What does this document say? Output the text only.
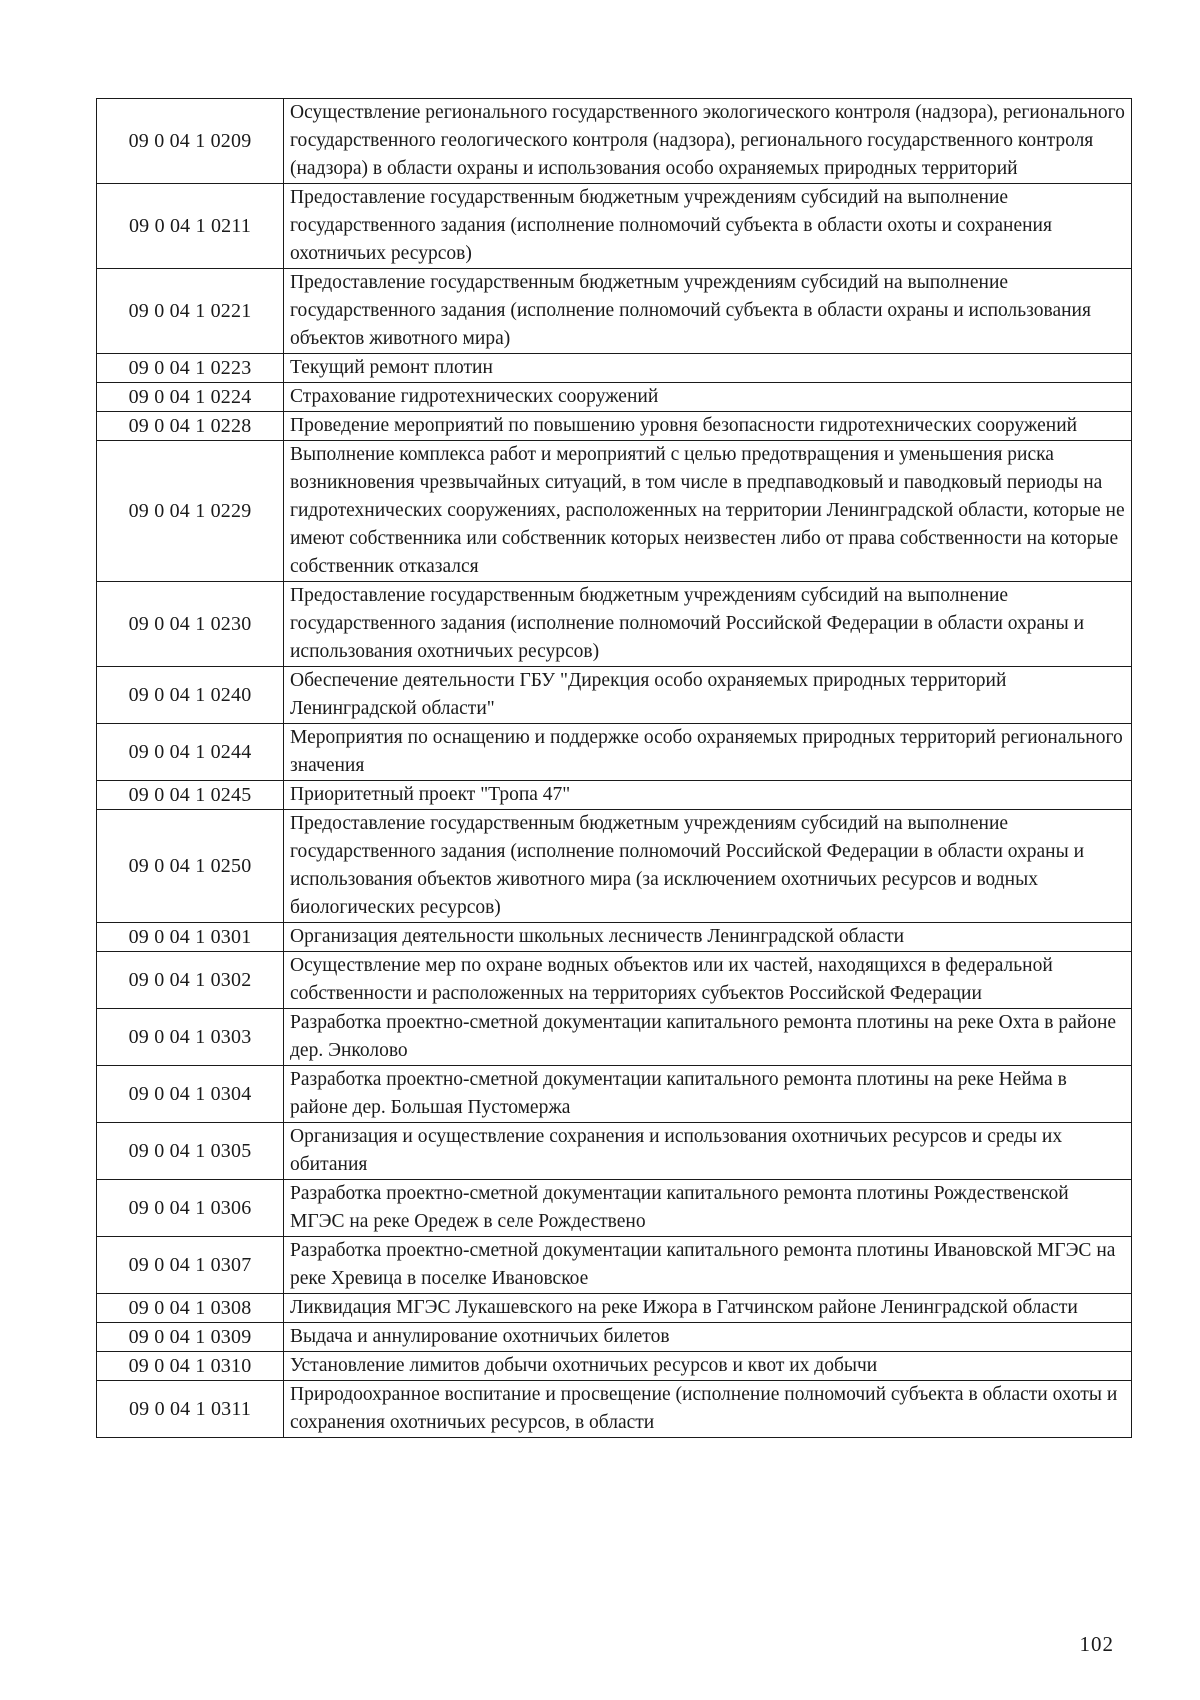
09 0 04 1 0209	Осуществление регионального государственного экологического контроля (надзора), регионального государственного геологического контроля (надзора), регионального государственного контроля (надзора) в области охраны и использования особо охраняемых природных территорий
09 0 04 1 0211	Предоставление государственным бюджетным учреждениям субсидий на выполнение государственного задания (исполнение полномочий субъекта в области охоты и сохранения охотничьих ресурсов)
09 0 04 1 0221	Предоставление государственным бюджетным учреждениям субсидий на выполнение государственного задания (исполнение полномочий субъекта в области охраны и использования объектов животного мира)
09 0 04 1 0223	Текущий ремонт плотин
09 0 04 1 0224	Страхование гидротехнических сооружений
09 0 04 1 0228	Проведение мероприятий по повышению уровня безопасности гидротехнических сооружений
09 0 04 1 0229	Выполнение комплекса работ и мероприятий с целью предотвращения и уменьшения риска возникновения чрезвычайных ситуаций, в том числе в предпаводковый и паводковый периоды на гидротехнических сооружениях, расположенных на территории Ленинградской области, которые не имеют собственника или собственник которых неизвестен либо от права собственности на которые собственник отказался
09 0 04 1 0230	Предоставление государственным бюджетным учреждениям субсидий на выполнение государственного задания (исполнение полномочий Российской Федерации в области охраны и использования охотничьих ресурсов)
09 0 04 1 0240	Обеспечение деятельности ГБУ "Дирекция особо охраняемых природных территорий Ленинградской области"
09 0 04 1 0244	Мероприятия по оснащению и поддержке особо охраняемых природных территорий регионального значения
09 0 04 1 0245	Приоритетный проект "Тропа 47"
09 0 04 1 0250	Предоставление государственным бюджетным учреждениям субсидий на выполнение государственного задания (исполнение полномочий Российской Федерации в области охраны и использования объектов животного мира (за исключением охотничьих ресурсов и водных биологических ресурсов)
09 0 04 1 0301	Организация деятельности школьных лесничеств Ленинградской области
09 0 04 1 0302	Осуществление мер по охране водных объектов или их частей, находящихся в федеральной собственности и расположенных на территориях субъектов Российской Федерации
09 0 04 1 0303	Разработка проектно-сметной документации капитального ремонта плотины на реке Охта в районе дер. Энколово
09 0 04 1 0304	Разработка проектно-сметной документации капитального ремонта плотины на реке Нейма в районе дер. Большая Пустомержа
09 0 04 1 0305	Организация и осуществление сохранения и использования охотничьих ресурсов и среды их обитания
09 0 04 1 0306	Разработка проектно-сметной документации капитального ремонта плотины Рождественской МГЭС на реке Оредеж в селе Рождествено
09 0 04 1 0307	Разработка проектно-сметной документации капитального ремонта плотины Ивановской МГЭС на реке Хревица в поселке Ивановское
09 0 04 1 0308	Ликвидация МГЭС Лукашевского на реке Ижора в Гатчинском районе Ленинградской области
09 0 04 1 0309	Выдача и аннулирование охотничьих билетов
09 0 04 1 0310	Установление лимитов добычи охотничьих ресурсов и квот их добычи
09 0 04 1 0311	Природоохранное воспитание и просвещение (исполнение полномочий субъекта в области охоты и сохранения охотничьих ресурсов, в области
102
